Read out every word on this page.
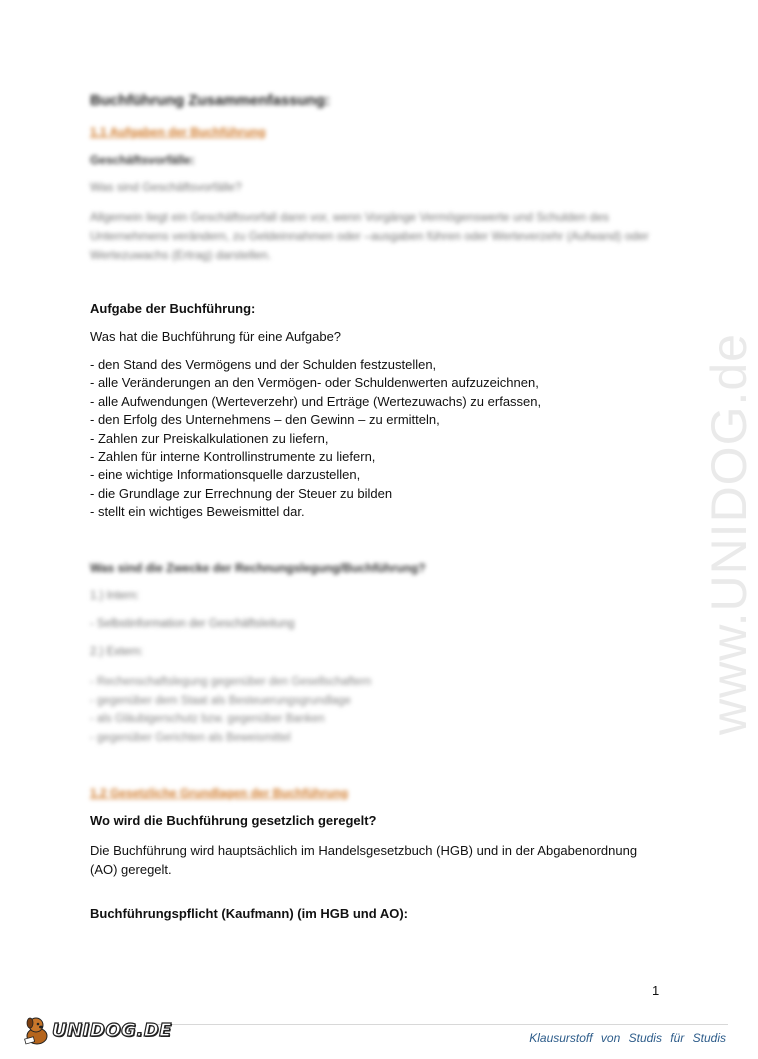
www.UNIDOG.de
Buchführung Zusammenfassung:
1.1 Aufgaben der Buchführung
Geschäftsvorfälle:
Was sind Geschäftsvorfälle?
Allgemein liegt ein Geschäftsvorfall dann vor, wenn Vorgänge Vermögenswerte und Schulden des Unternehmens verändern, zu Geldeinnahmen oder –ausgaben führen oder Werteverzehr (Aufwand) oder Wertezuwachs (Ertrag) darstellen.
Aufgabe der Buchführung:
Was hat die Buchführung für eine Aufgabe?
- den Stand des Vermögens und der Schulden festzustellen,
- alle Veränderungen an den Vermögen- oder Schuldenwerten aufzuzeichnen,
- alle Aufwendungen (Werteverzehr) und Erträge (Wertezuwachs) zu erfassen,
- den Erfolg des Unternehmens – den Gewinn – zu ermitteln,
- Zahlen zur Preiskalkulationen zu liefern,
- Zahlen für interne Kontrollinstrumente zu liefern,
- eine wichtige Informationsquelle darzustellen,
- die Grundlage zur Errechnung der Steuer zu bilden
- stellt ein wichtiges Beweismittel dar.
Was sind die Zwecke der Rechnungslegung/Buchführung?
1.) Intern:
- Selbstinformation der Geschäftsleitung
2.) Extern:
- Rechenschaftslegung gegenüber den Gesellschaftern
- gegenüber dem Staat als Besteuerungsgrundlage
- als Gläubigerschutz bzw. gegenüber Banken
- gegenüber Gerichten als Beweismittel
1.2 Gesetzliche Grundlagen der Buchführung
Wo wird die Buchführung gesetzlich geregelt?
Die Buchführung wird hauptsächlich im Handelsgesetzbuch (HGB) und in der Abgabenordnung (AO) geregelt.
Buchführungspflicht (Kaufmann) (im HGB und AO):
1
UNIDOG.DE	Klausurstoff von Studis für Studis
